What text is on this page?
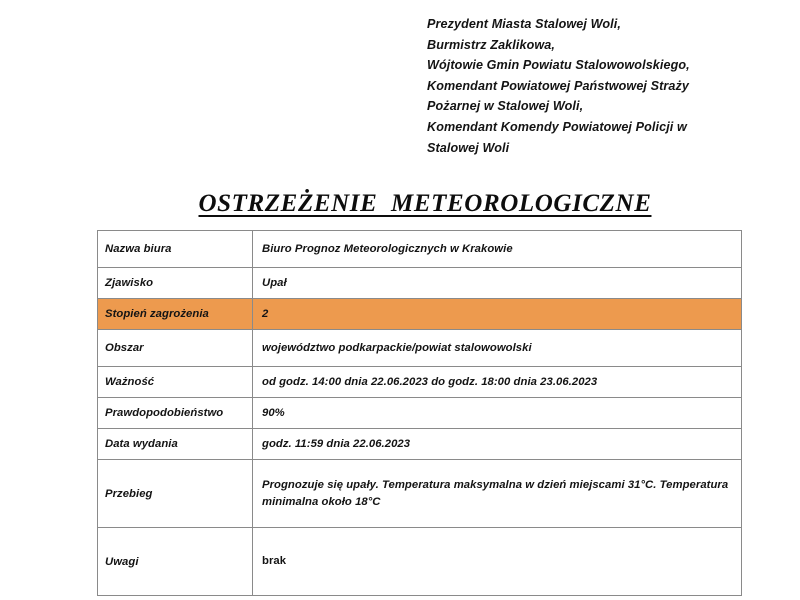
Prezydent Miasta Stalowej Woli,
Burmistrz Zaklikowa,
Wójtowie Gmin Powiatu Stalowowolskiego,
Komendant Powiatowej Państwowej Straży
Pożarnej w Stalowej Woli,
Komendant Komendy Powiatowej Policji w
Stalowej Woli
OSTRZEŻENIE  METEOROLOGICZNE
Nazwa biura	Biuro Prognoz Meteorologicznych w Krakowie
Zjawisko	Upał
Stopień zagrożenia	2
Obszar	województwo podkarpackie/powiat stalowowolski
Ważność	od godz. 14:00 dnia 22.06.2023 do godz. 18:00 dnia 23.06.2023
Prawdopodobieństwo	90%
Data wydania	godz. 11:59 dnia 22.06.2023
Przebieg	Prognozuje się upały. Temperatura maksymalna w dzień miejscami 31°C. Temperatura minimalna około 18°C
Uwagi	brak
